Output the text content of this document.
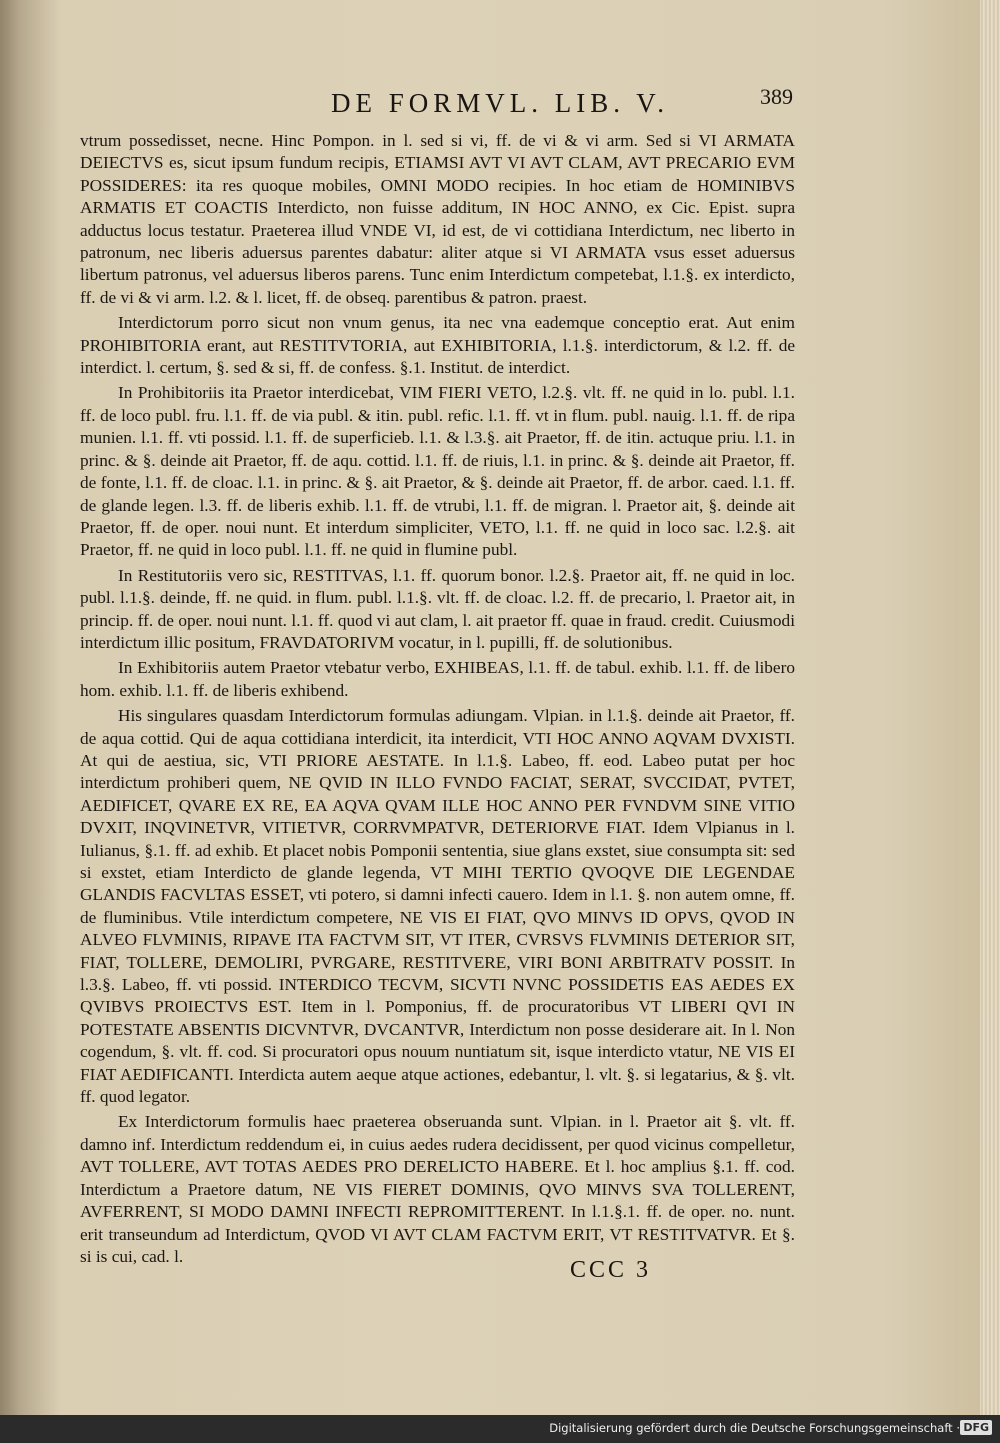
DE FORMVL. LIB. V.	389

vtrum possedisset, necne. Hinc Pompon. in l. sed si vi, ff. de vi & vi arm. Sed si VI ARMATA DEIECTVS es, sicut ipsum fundum recipis, ETIAMSI AVT VI AVT CLAM, AVT PRECARIO EVM POSSIDERES: ita res quoque mobiles, OMNI MODO recipies. In hoc etiam de HOMINIBVS ARMATIS ET COACTIS Interdicto, non fuisse additum, IN HOC ANNO, ex Cic. Epist. supra adductus locus testatur. Praeterea illud VNDE VI, id est, de vi cottidiana Interdictum, nec liberto in patronum, nec liberis aduersus parentes dabatur: aliter atque si VI ARMATA vsus esset aduersus libertum patronus, vel aduersus liberos parens. Tunc enim Interdictum competebat, l.1.§. ex interdicto, ff. de vi & vi arm. l.2. & l. licet, ff. de obseq. parentibus & patron. praest.

Interdictorum porro sicut non vnum genus, ita nec vna eademque conceptio erat. Aut enim PROHIBITORIA erant, aut RESTITVTORIA, aut EXHIBITORIA, l.1.§. interdictorum, & l.2. ff. de interdict. l. certum, §. sed & si, ff. de confess. §.1. Institut. de interdict.

In Prohibitoriis ita Praetor interdicebat, VIM FIERI VETO, l.2.§. vlt. ff. ne quid in lo. publ. l.1. ff. de loco publ. fru. l.1. ff. de via publ. & itin. publ. refic. l.1. ff. vt in flum. publ. nauig. l.1. ff. de ripa munien. l.1. ff. vti possid. l.1. ff. de superficieb. l.1. & l.3.§. ait Praetor, ff. de itin. actuque priu. l.1. in princ. & §. deinde ait Praetor, ff. de aqu. cottid. l.1. ff. de riuis, l.1. in princ. & §. deinde ait Praetor, ff. de fonte, l.1. ff. de cloac. l.1. in princ. & §. ait Praetor, & §. deinde ait Praetor, ff. de arbor. caed. l.1. ff. de glande legen. l.3. ff. de liberis exhib. l.1. ff. de vtrubi, l.1. ff. de migran. l. Praetor ait, §. deinde ait Praetor, ff. de oper. noui nunt. Et interdum simpliciter, VETO, l.1. ff. ne quid in loco sac. l.2.§. ait Praetor, ff. ne quid in loco publ. l.1. ff. ne quid in flumine publ.

In Restitutoriis vero sic, RESTITVAS, l.1. ff. quorum bonor. l.2.§. Praetor ait, ff. ne quid in loc. publ. l.1.§. deinde, ff. ne quid. in flum. publ. l.1.§. vlt. ff. de cloac. l.2. ff. de precario, l. Praetor ait, in princip. ff. de oper. noui nunt. l.1. ff. quod vi aut clam, l. ait praetor ff. quae in fraud. credit. Cuiusmodi interdictum illic positum, FRAVDATORIVM vocatur, in l. pupilli, ff. de solutionibus.

In Exhibitoriis autem Praetor vtebatur verbo, EXHIBEAS, l.1. ff. de tabul. exhib. l.1. ff. de libero hom. exhib. l.1. ff. de liberis exhibend.

His singulares quasdam Interdictorum formulas adiungam. Vlpian. in l.1.§. deinde ait Praetor, ff. de aqua cottid. Qui de aqua cottidiana interdicit, ita interdicit, VTI HOC ANNO AQVAM DVXISTI. At qui de aestiua, sic, VTI PRIORE AESTATE. In l.1.§. Labeo, ff. eod. Labeo putat per hoc interdictum prohiberi quem, NE QVID IN ILLO FVNDO FACIAT, SERAT, SVCCIDAT, PVTET, AEDIFICET, QVARE EX RE, EA AQVA QVAM ILLE HOC ANNO PER FVNDVM SINE VITIO DVXIT, INQVINETVR, VITIETVR, CORRVMPATVR, DETERIORVE FIAT. Idem Vlpianus in l. Iulianus, §.1. ff. ad exhib. Et placet nobis Pomponii sententia, siue glans exstet, siue consumpta sit: sed si exstet, etiam Interdicto de glande legenda, VT MIHI TERTIO QVOQVE DIE LEGENDAE GLANDIS FACVLTAS ESSET, vti potero, si damni infecti cauero. Idem in l.1. §. non autem omne, ff. de fluminibus. Vtile interdictum competere, NE VIS EI FIAT, QVO MINVS ID OPVS, QVOD IN ALVEO FLVMINIS, RIPAVE ITA FACTVM SIT, VT ITER, CVRSVS FLVMINIS DETERIOR SIT, FIAT, TOLLERE, DEMOLIRI, PVRGARE, RESTITVERE, VIRI BONI ARBITRATV POSSIT. In l.3.§. Labeo, ff. vti possid. INTERDICO TECVM, SICVTI NVNC POSSIDETIS EAS AEDES EX QVIBVS PROIECTVS EST. Item in l. Pomponius, ff. de procuratoribus VT LIBERI QVI IN POTESTATE ABSENTIS DICVNTVR, DVCANTVR, Interdictum non posse desiderare ait. In l. Non cogendum, §. vlt. ff. cod. Si procuratori opus nouum nuntiatum sit, isque interdicto vtatur, NE VIS EI FIAT AEDIFICANTI. Interdicta autem aeque atque actiones, edebantur, l. vlt. §. si legatarius, & §. vlt. ff. quod legator.

Ex Interdictorum formulis haec praeterea obseruanda sunt. Vlpian. in l. Praetor ait §. vlt. ff. damno inf. Interdictum reddendum ei, in cuius aedes rudera decidissent, per quod vicinus compelletur, AVT TOLLERE, AVT TOTAS AEDES PRO DERELICTO HABERE. Et l. hoc amplius §.1. ff. cod. Interdictum a Praetore datum, NE VIS FIERET DOMINIS, QVO MINVS SVA TOLLERENT, AVFERRENT, SI MODO DAMNI INFECTI REPROMITTERENT. In l.1.§.1. ff. de oper. no. nunt. erit transeundum ad Interdictum, QVOD VI AVT CLAM FACTVM ERIT, VT RESTITVATVR. Et §. si is cui, cad. l.

CCC 3
Digitalisierung gefördert durch die Deutsche Forschungsgemeinschaft · DFG
